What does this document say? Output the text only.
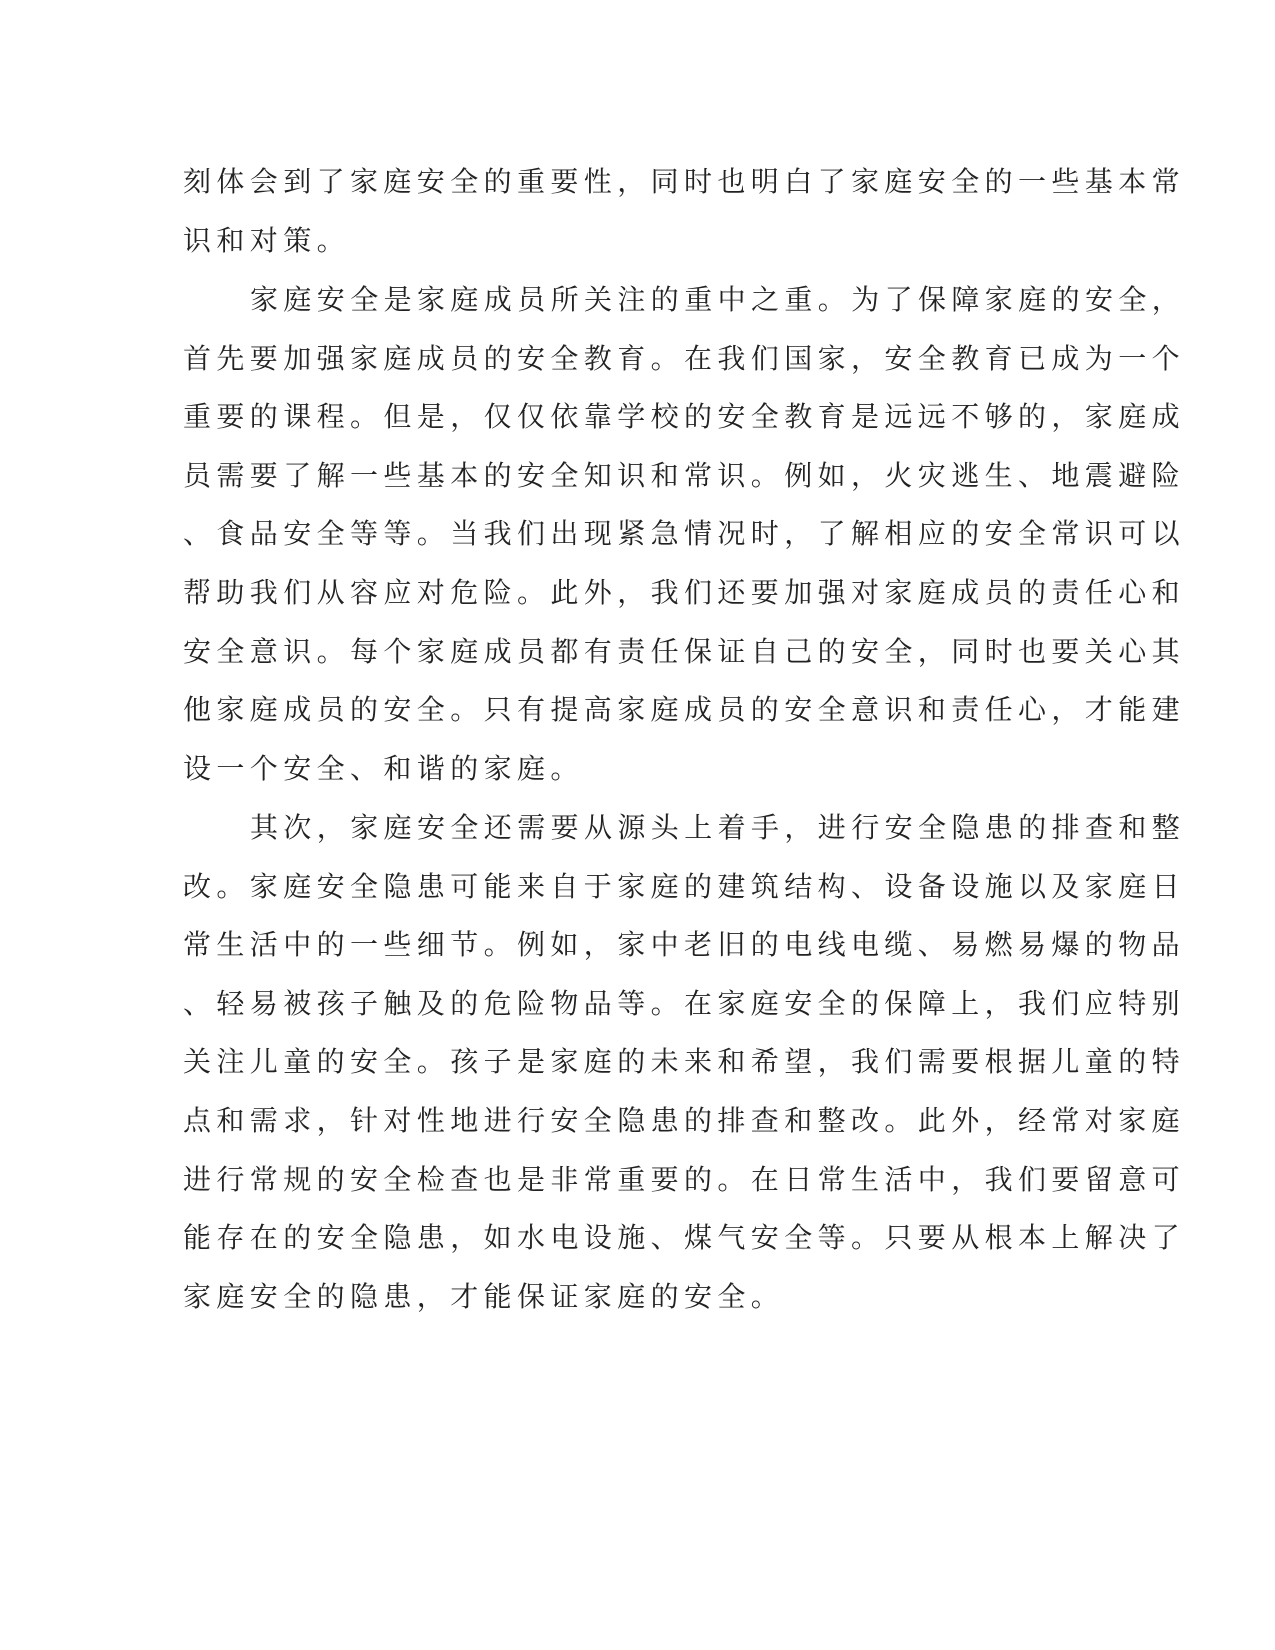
刻体会到了家庭安全的重要性，同时也明白了家庭安全的一些基本常
识和对策。
家庭安全是家庭成员所关注的重中之重。为了保障家庭的安全，
首先要加强家庭成员的安全教育。在我们国家，安全教育已成为一个
重要的课程。但是，仅仅依靠学校的安全教育是远远不够的，家庭成
员需要了解一些基本的安全知识和常识。例如，火灾逃生、地震避险
、食品安全等等。当我们出现紧急情况时，了解相应的安全常识可以
帮助我们从容应对危险。此外，我们还要加强对家庭成员的责任心和
安全意识。每个家庭成员都有责任保证自己的安全，同时也要关心其
他家庭成员的安全。只有提高家庭成员的安全意识和责任心，才能建
设一个安全、和谐的家庭。
其次，家庭安全还需要从源头上着手，进行安全隐患的排查和整
改。家庭安全隐患可能来自于家庭的建筑结构、设备设施以及家庭日
常生活中的一些细节。例如，家中老旧的电线电缆、易燃易爆的物品
、轻易被孩子触及的危险物品等。在家庭安全的保障上，我们应特别
关注儿童的安全。孩子是家庭的未来和希望，我们需要根据儿童的特
点和需求，针对性地进行安全隐患的排查和整改。此外，经常对家庭
进行常规的安全检查也是非常重要的。在日常生活中，我们要留意可
能存在的安全隐患，如水电设施、煤气安全等。只要从根本上解决了
家庭安全的隐患，才能保证家庭的安全。
